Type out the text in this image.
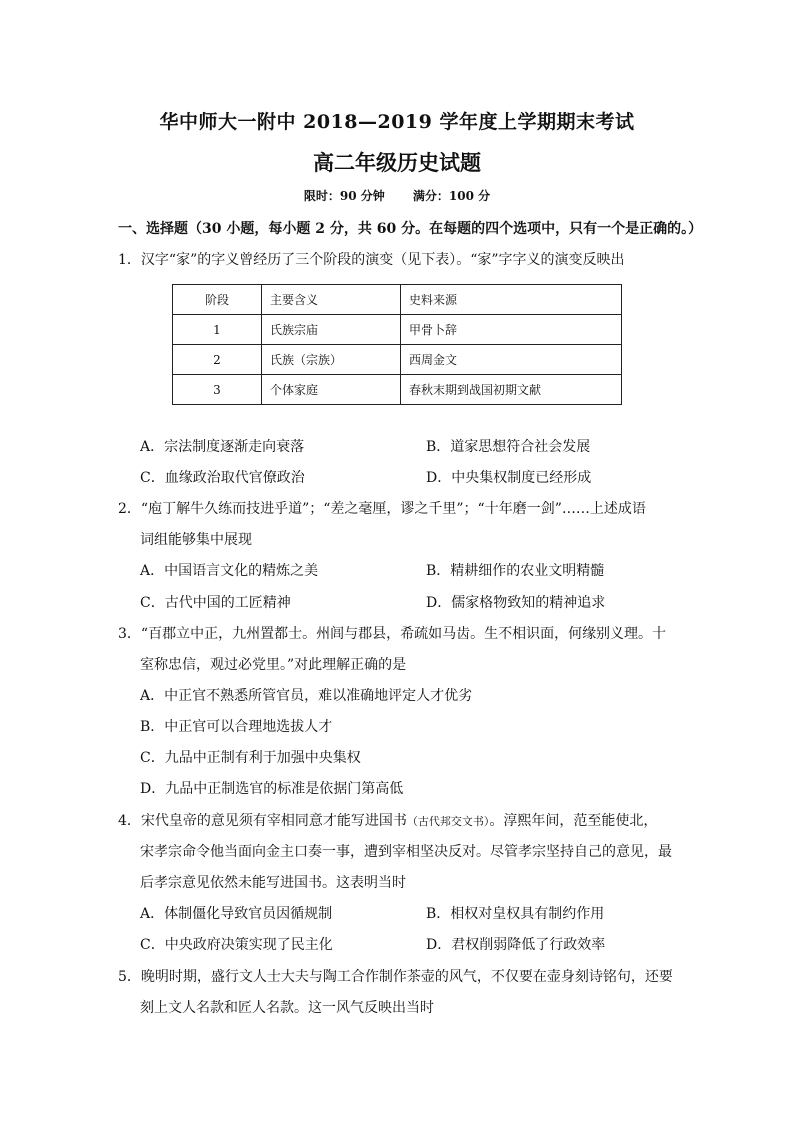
华中师大一附中 2018—2019 学年度上学期期末考试
高二年级历史试题
限时：90 分钟 满分：100 分
一、选择题（30 小题，每小题 2 分，共 60 分。在每题的四个选项中，只有一个是正确的。）
1．汉字“家”的字义曾经历了三个阶段的演变（见下表）。“家”字字义的演变反映出
阶段	主要含义	史料来源
1	氏族宗庙	甲骨卜辞
2	氏族（宗族）	西周金文
3	个体家庭	春秋末期到战国初期文献
A．宗法制度逐渐走向衰落	B．道家思想符合社会发展
C．血缘政治取代官僚政治	D．中央集权制度已经形成
2．“庖丁解牛久练而技进乎道”；“差之毫厘，谬之千里”；“十年磨一剑”……上述成语
词组能够集中展现
A．中国语言文化的精炼之美	B．精耕细作的农业文明精髓
C．古代中国的工匠精神	D．儒家格物致知的精神追求
3．“百郡立中正，九州置都士。州闾与郡县，希疏如马齿。生不相识面，何缘别义理。十
室称忠信，观过必党里。”对此理解正确的是
A．中正官不熟悉所管官员，难以准确地评定人才优劣
B．中正官可以合理地选拔人才
C．九品中正制有利于加强中央集权
D．九品中正制选官的标准是依据门第高低
4．宋代皇帝的意见须有宰相同意才能写进国书（古代邦交文书）。淳熙年间，范至能使北，
宋孝宗命令他当面向金主口奏一事，遭到宰相坚决反对。尽管孝宗坚持自己的意见，最
后孝宗意见依然未能写进国书。这表明当时
A．体制僵化导致官员因循规制	B．相权对皇权具有制约作用
C．中央政府决策实现了民主化	D．君权削弱降低了行政效率
5．晚明时期，盛行文人士大夫与陶工合作制作茶壶的风气，不仅要在壶身刻诗铭句，还要
刻上文人名款和匠人名款。这一风气反映出当时
